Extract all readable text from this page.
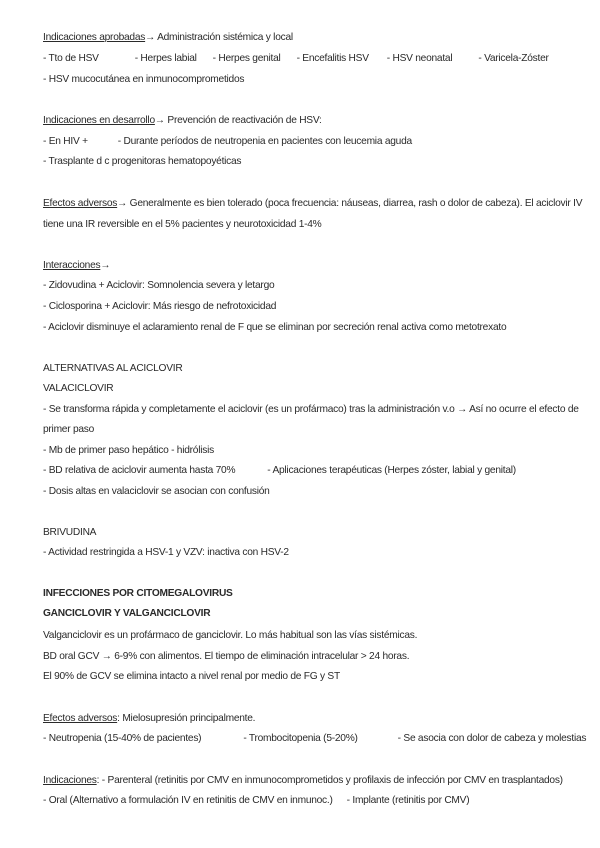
Indicaciones aprobadas→ Administración sistémica y local
- Tto de HSV	- Herpes labial - Herpes genital - Encefalitis HSV - HSV neonatal	- Varicela-Zóster
- HSV mucocutánea en inmunocomprometidos
Indicaciones en desarrollo→ Prevención de reactivación de HSV:
- En HIV +	- Durante períodos de neutropenia en pacientes con leucemia aguda
- Trasplante d c progenitoras hematopoyéticas
Efectos adversos→ Generalmente es bien tolerado (poca frecuencia: náuseas, diarrea, rash o dolor de cabeza). El aciclovir IV
tiene una IR reversible en el 5% pacientes y neurotoxicidad 1-4%
Interacciones→
- Zidovudina + Aciclovir: Somnolencia severa y letargo
- Ciclosporina + Aciclovir: Más riesgo de nefrotoxicidad
- Aciclovir disminuye el aclaramiento renal de F que se eliminan por secreción renal activa como metotrexato
ALTERNATIVAS AL ACICLOVIR
VALACICLOVIR
- Se transforma rápida y completamente el aciclovir (es un profármaco) tras la administración v.o → Así no ocurre el efecto de
primer paso
- Mb de primer paso hepático - hidrólisis
- BD relativa de aciclovir aumenta hasta 70%	- Aplicaciones terapéuticas (Herpes zóster, labial y genital)
- Dosis altas en valaciclovir se asocian con confusión
BRIVUDINA
- Actividad restringida a HSV-1 y VZV: inactiva con HSV-2
INFECCIONES POR CITOMEGALOVIRUS
GANCICLOVIR Y VALGANCICLOVIR
Valganciclovir es un profármaco de ganciclovir. Lo más habitual son las vías sistémicas.
BD oral GCV → 6-9% con alimentos. El tiempo de eliminación intracelular > 24 horas.
El 90% de GCV se elimina intacto a nivel renal por medio de FG y ST
Efectos adversos: Mielosupresión principalmente.
- Neutropenia (15-40% de pacientes)	- Trombocitopenia (5-20%)	- Se asocia con dolor de cabeza y molestias
Indicaciones: - Parenteral (retinitis por CMV en inmunocomprometidos y profilaxis de infección por CMV en trasplantados)
- Oral (Alternativo a formulación IV en retinitis de CMV en inmunoc.) - Implante (retinitis por CMV)
